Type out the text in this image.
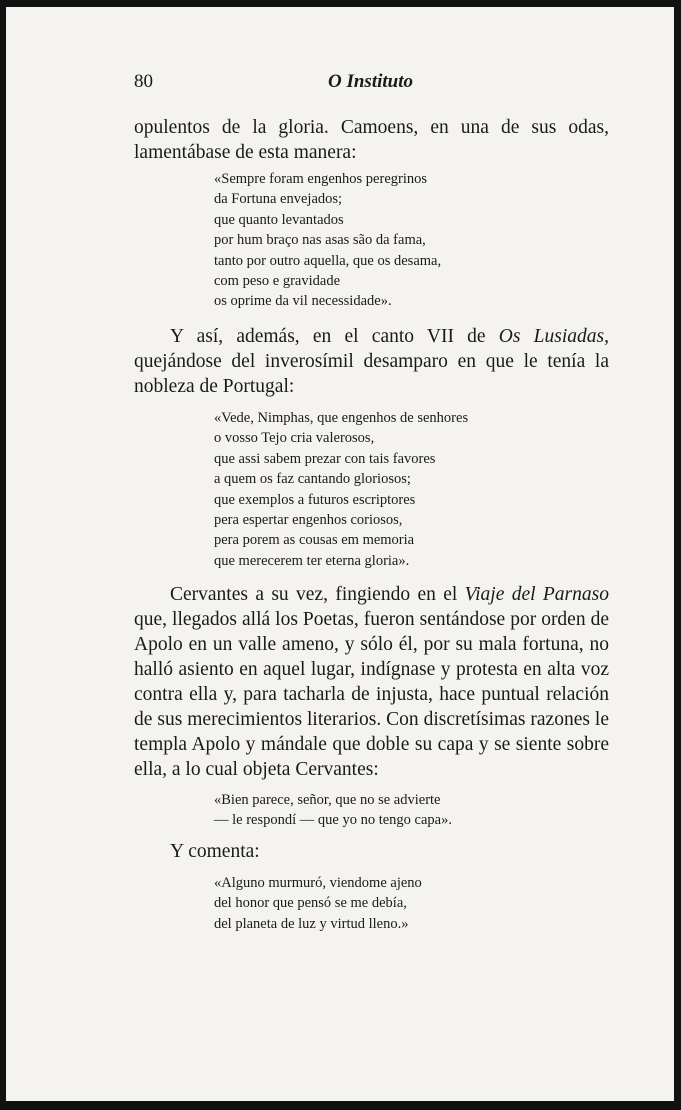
80	O Instituto

opulentos de la gloria. Camoens, en una de sus odas, lamentábase de esta manera:

«Sempre foram engenhos peregrinos
da Fortuna envejados;
que quanto levantados
por hum braço nas asas são da fama,
tanto por outro aquella, que os desama,
com peso e gravidade
os oprime da vil necessidade».

Y así, además, en el canto VII de Os Lusiadas, quejándose del inverosímil desamparo en que le tenía la nobleza de Portugal:

«Vede, Nimphas, que engenhos de senhores
o vosso Tejo cria valerosos,
que assi sabem prezar con tais favores
a quem os faz cantando gloriosos;
que exemplos a futuros escriptores
pera espertar engenhos coriosos,
pera porem as cousas em memoria
que merecerem ter eterna gloria».

Cervantes a su vez, fingiendo en el Viaje del Parnaso que, llegados allá los Poetas, fueron sentándose por orden de Apolo en un valle ameno, y sólo él, por su mala fortuna, no halló asiento en aquel lugar, indígnase y protesta en alta voz contra ella y, para tacharla de injusta, hace puntual relación de sus merecimientos literarios. Con discretísimas razones le templa Apolo y mándale que doble su capa y se siente sobre ella, a lo cual objeta Cervantes:

«Bien parece, señor, que no se advierte
— le respondí — que yo no tengo capa».

Y comenta:

«Alguno murmuró, viendome ajeno
del honor que pensó se me debía,
del planeta de luz y virtud lleno.»
